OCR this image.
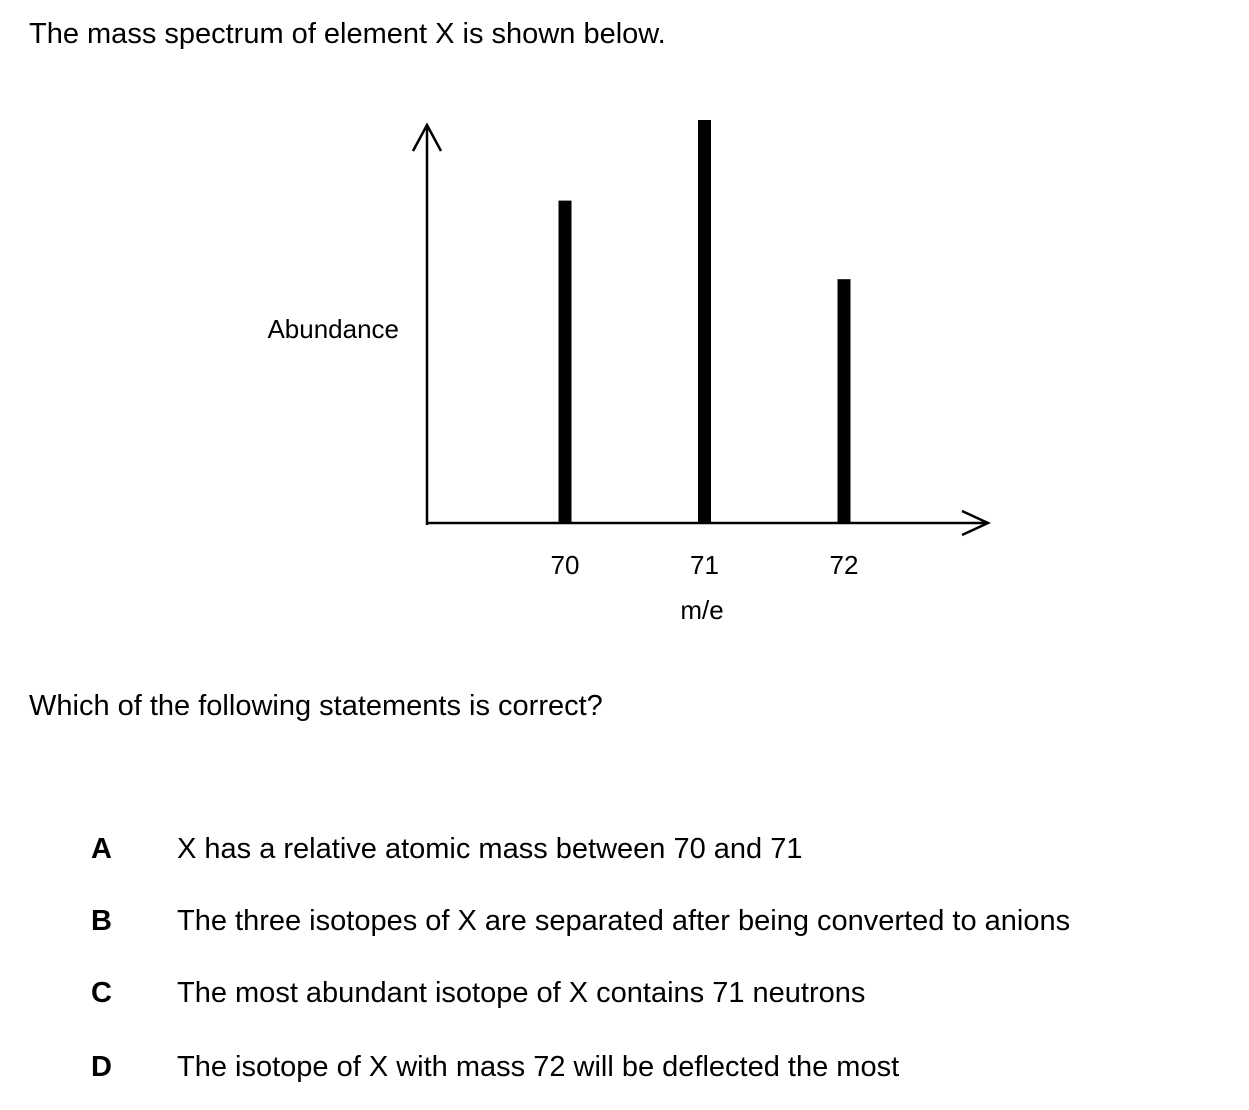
The mass spectrum of element X is shown below.
70	71	72
Abundance
m/e
Which of the following statements is correct?
A X has a relative atomic mass between 70 and 71
B The three isotopes of X are separated after being converted to anions
C The most abundant isotope of X contains 71 neutrons
D The isotope of X with mass 72 will be deflected the most
